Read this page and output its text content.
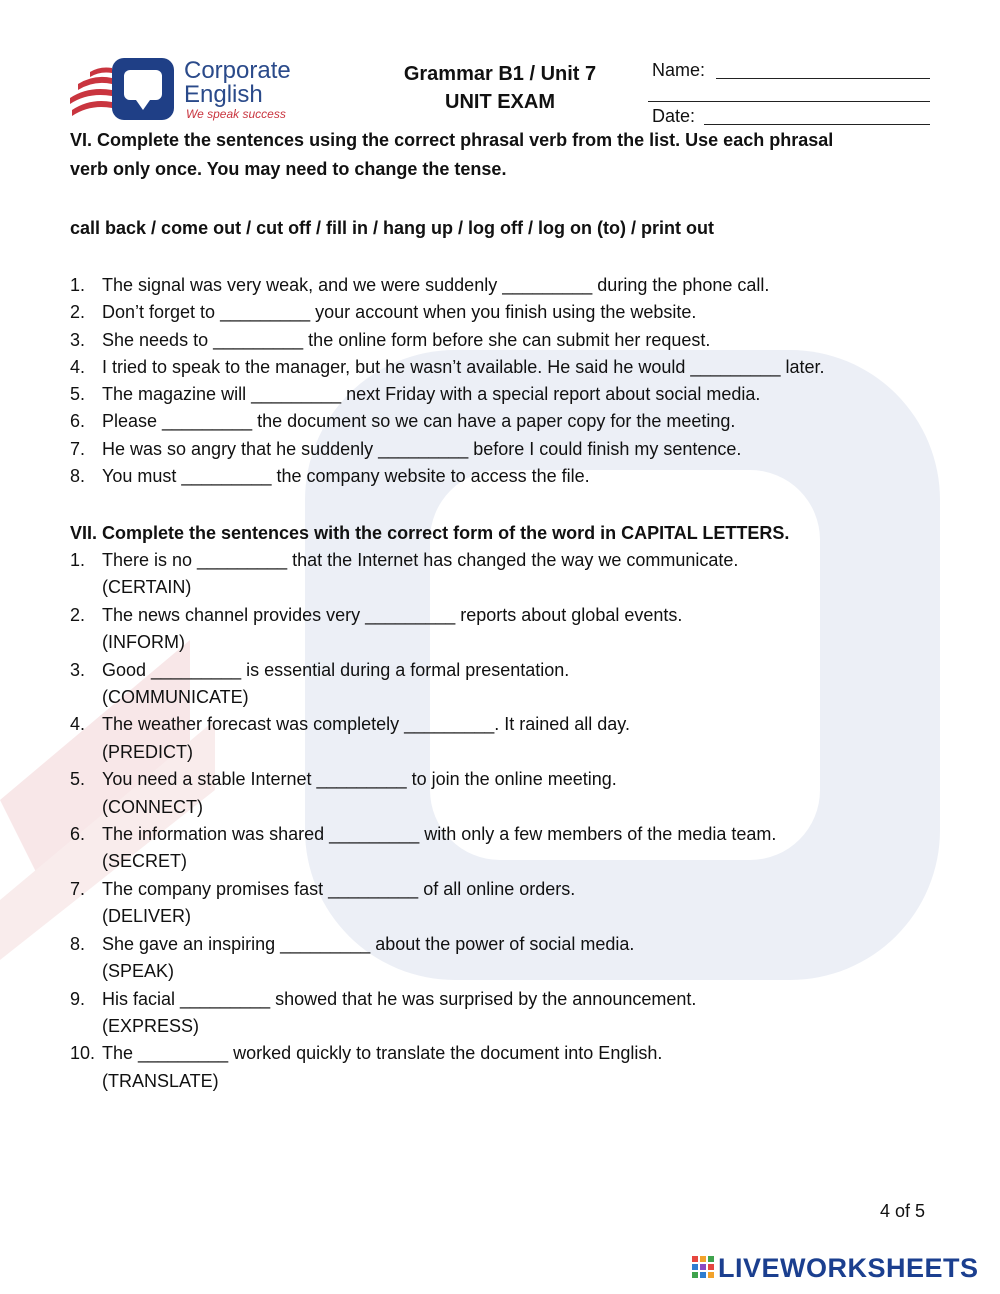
Corporate
English
We speak success
Grammar B1 / Unit 7
UNIT EXAM
Name:
Date:
VI. Complete the sentences using the correct phrasal verb from the list. Use each phrasal
verb only once. You may need to change the tense.
call back / come out / cut off / fill in / hang up / log off / log on (to) / print out
1. The signal was very weak, and we were suddenly _________ during the phone call.
2. Don’t forget to _________ your account when you finish using the website.
3. She needs to _________ the online form before she can submit her request.
4. I tried to speak to the manager, but he wasn’t available. He said he would _________ later.
5. The magazine will _________ next Friday with a special report about social media.
6. Please _________ the document so we can have a paper copy for the meeting.
7. He was so angry that he suddenly _________ before I could finish my sentence.
8. You must _________ the company website to access the file.
VII. Complete the sentences with the correct form of the word in CAPITAL LETTERS.
1. There is no _________ that the Internet has changed the way we communicate.
(CERTAIN)
2. The news channel provides very _________ reports about global events.
(INFORM)
3. Good _________ is essential during a formal presentation.
(COMMUNICATE)
4. The weather forecast was completely _________. It rained all day.
(PREDICT)
5. You need a stable Internet _________ to join the online meeting.
(CONNECT)
6. The information was shared _________ with only a few members of the media team.
(SECRET)
7. The company promises fast _________ of all online orders.
(DELIVER)
8. She gave an inspiring _________ about the power of social media.
(SPEAK)
9. His facial _________ showed that he was surprised by the announcement.
(EXPRESS)
10. The _________ worked quickly to translate the document into English.
(TRANSLATE)
4 of 5
LIVEWORKSHEETS
